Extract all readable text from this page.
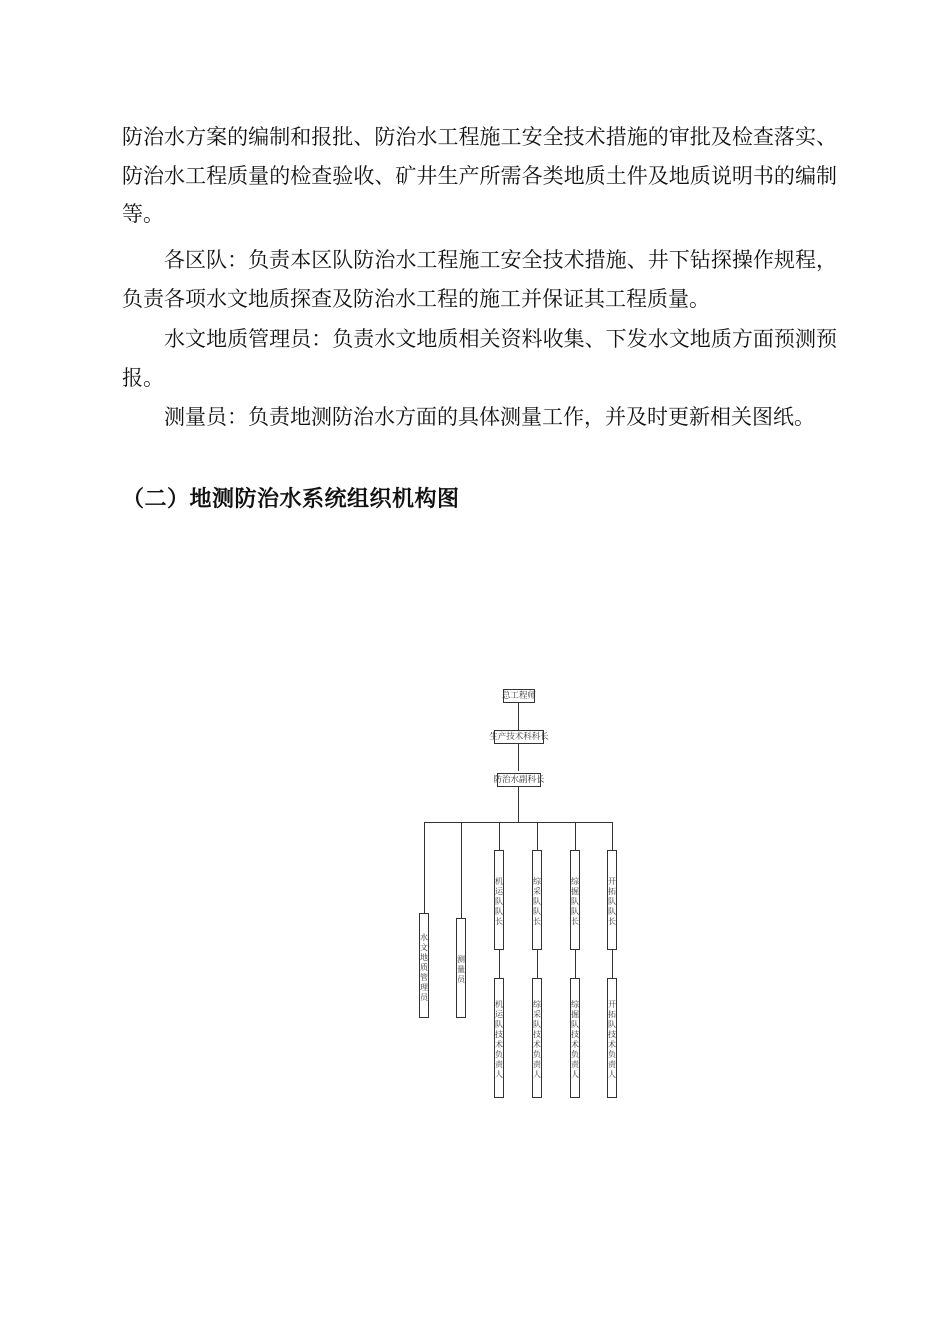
防治水方案的编制和报批、防治水工程施工安全技术措施的审批及检查落实、防治水工程质量的检查验收、矿井生产所需各类地质土件及地质说明书的编制等。

各区队：负责本区队防治水工程施工安全技术措施、井下钻探操作规程，负责各项水文地质探查及防治水工程的施工并保证其工程质量。

水文地质管理员：负责水文地质相关资料收集、下发水文地质方面预测预报。

测量员：负责地测防治水方面的具体测量工作，并及时更新相关图纸。

（二）地测防治水系统组织机构图
总工程师
生产技术科科长
防治水副科长
水文地质管理员	测量员
机运队队长	综采队队长	综掘队队长	开拓队队长
机运队技术负责人	综采队技术负责人	综掘队技术负责人	开拓队技术负责人
